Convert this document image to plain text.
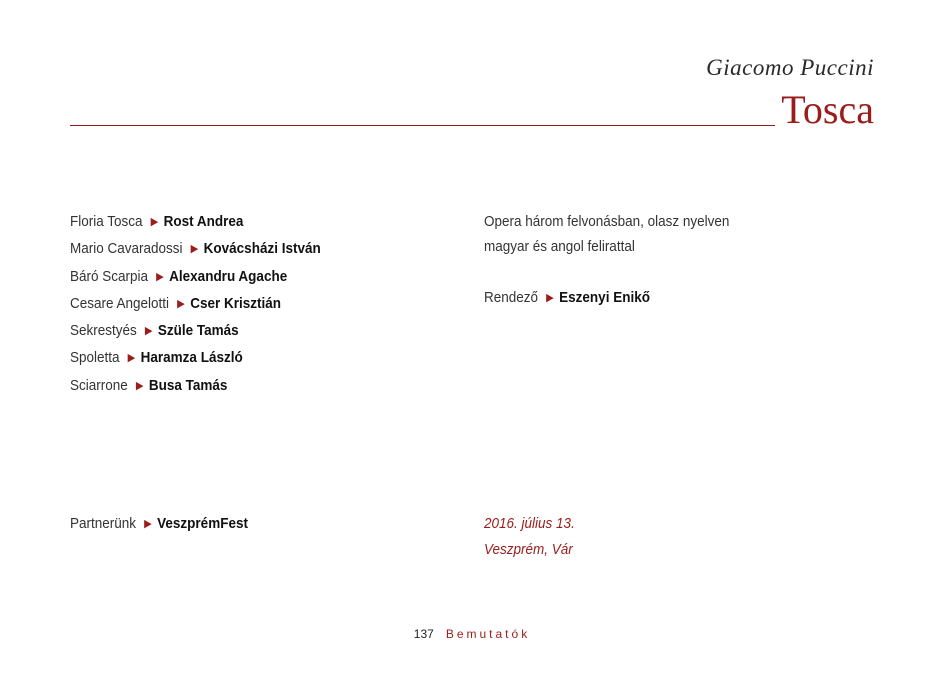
Giacomo Puccini
Tosca
Floria Tosca ▶ Rost Andrea
Mario Cavaradossi ▶ Kovácsházi István
Báró Scarpia ▶ Alexandru Agache
Cesare Angelotti ▶ Cser Krisztián
Sekrestyés ▶ Szüle Tamás
Spoletta ▶ Haramza László
Sciarrone ▶ Busa Tamás
Opera három felvonásban, olasz nyelven
magyar és angol felirattal
Rendező ▶ Eszenyi Enikő
Partnerünk ▶ VeszprémFest	2016. július 13.
Veszprém, Vár
137 Bemutatók
